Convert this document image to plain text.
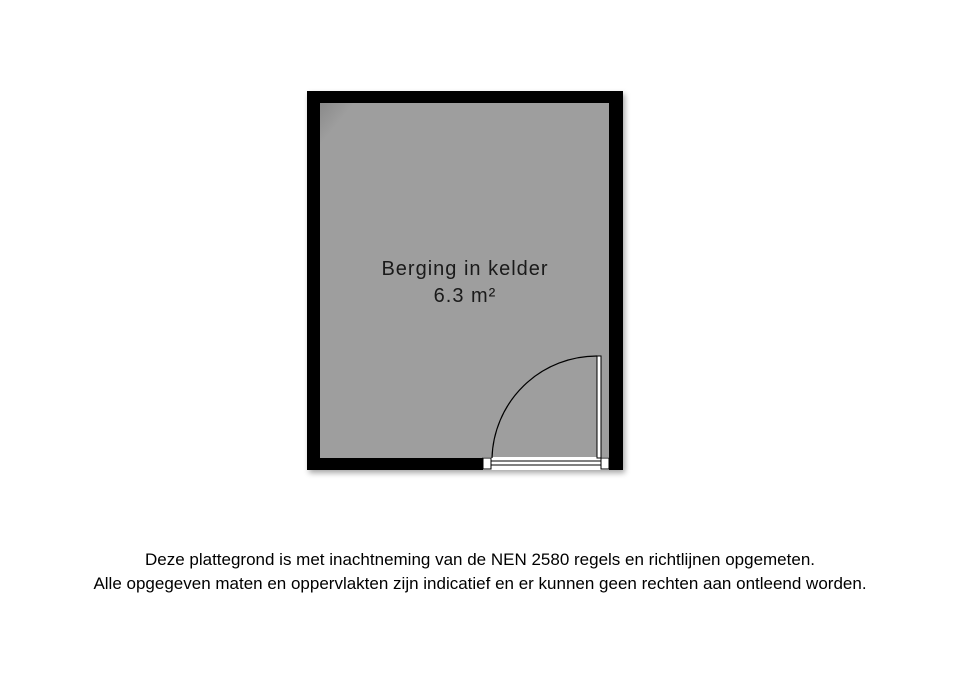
Berging in kelder
6.3 m²
Deze plattegrond is met inachtneming van de NEN 2580 regels en richtlijnen opgemeten.
Alle opgegeven maten en oppervlakten zijn indicatief en er kunnen geen rechten aan ontleend worden.
